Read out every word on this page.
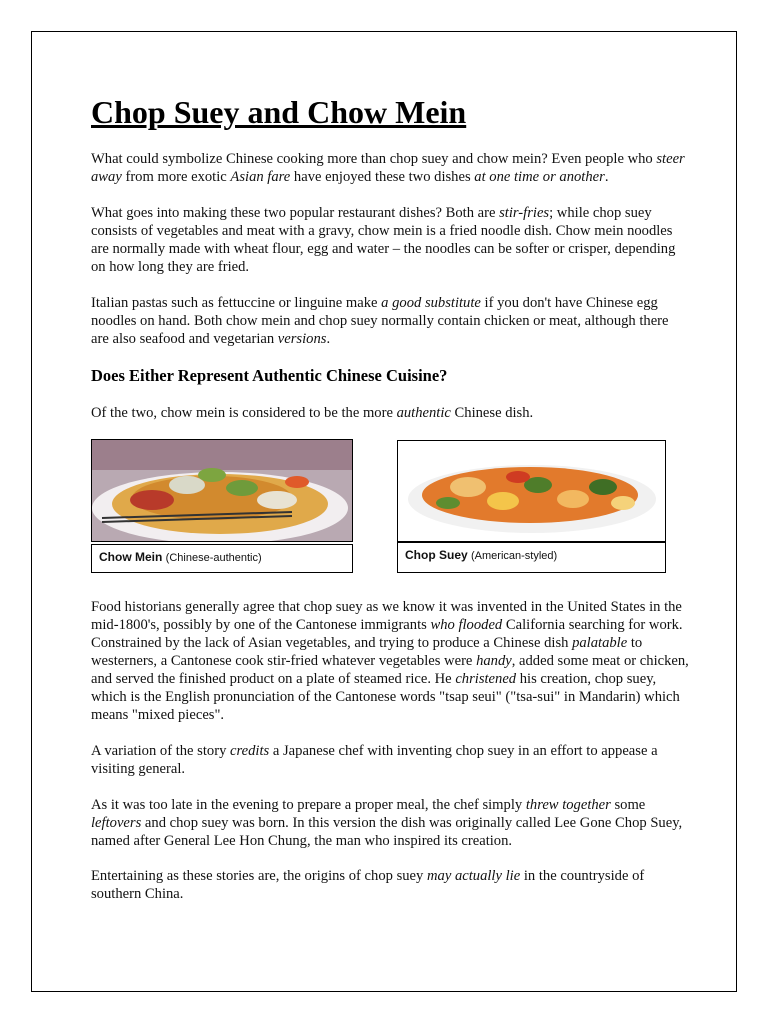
Chop Suey and Chow Mein

What could symbolize Chinese cooking more than chop suey and chow mein? Even people who steer away from more exotic Asian fare have enjoyed these two dishes at one time or another.

What goes into making these two popular restaurant dishes? Both are stir-fries; while chop suey consists of vegetables and meat with a gravy, chow mein is a fried noodle dish. Chow mein noodles are normally made with wheat flour, egg and water – the noodles can be softer or crisper, depending on how long they are fried.

Italian pastas such as fettuccine or linguine make a good substitute if you don't have Chinese egg noodles on hand. Both chow mein and chop suey normally contain chicken or meat, although there are also seafood and vegetarian versions.

Does Either Represent Authentic Chinese Cuisine?

Of the two, chow mein is considered to be the more authentic Chinese dish.

Chow Mein (Chinese-authentic)	Chop Suey (American-styled)

Food historians generally agree that chop suey as we know it was invented in the United States in the mid-1800's, possibly by one of the Cantonese immigrants who flooded California searching for work. Constrained by the lack of Asian vegetables, and trying to produce a Chinese dish palatable to westerners, a Cantonese cook stir-fried whatever vegetables were handy, added some meat or chicken, and served the finished product on a plate of steamed rice. He christened his creation, chop suey, which is the English pronunciation of the Cantonese words "tsap seui" ("tsa-sui" in Mandarin) which means "mixed pieces".

A variation of the story credits a Japanese chef with inventing chop suey in an effort to appease a visiting general.

As it was too late in the evening to prepare a proper meal, the chef simply threw together some leftovers and chop suey was born. In this version the dish was originally called Lee Gone Chop Suey, named after General Lee Hon Chung, the man who inspired its creation.

Entertaining as these stories are, the origins of chop suey may actually lie in the countryside of southern China.
